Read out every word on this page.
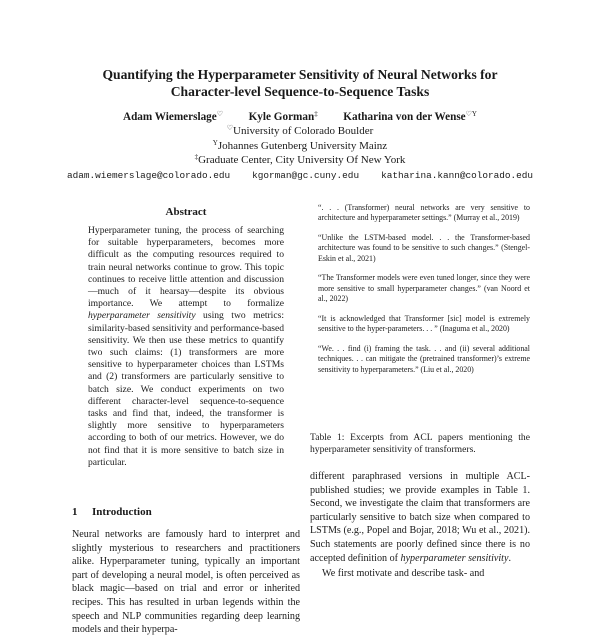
Quantifying the Hyperparameter Sensitivity of Neural Networks for
Character-level Sequence-to-Sequence Tasks
Adam Wiemerslage♡ Kyle Gorman‡ Katharina von der Wense$^{♡\Upsilon}$
♡University of Colorado Boulder
$^\Upsilon$Johannes Gutenberg University Mainz
‡Graduate Center, City University Of New York
adam.wiemerslage@colorado.edu kgorman@gc.cuny.edu katharina.kann@colorado.edu
Abstract
Hyperparameter tuning, the process of searching for suitable hyperparameters, becomes more difficult as the computing resources required to train neural networks continue to grow. This topic continues to receive little attention and discussion—much of it hearsay—despite its obvious importance. We attempt to formalize hyperparameter sensitivity using two metrics: similarity-based sensitivity and performance-based sensitivity. We then use these metrics to quantify two such claims: (1) transformers are more sensitive to hyperparameter choices than LSTMs and (2) transformers are particularly sensitive to batch size. We conduct experiments on two different character-level sequence-to-sequence tasks and find that, indeed, the transformer is slightly more sensitive to hyperparameters according to both of our metrics. However, we do not find that it is more sensitive to batch size in particular.
1 Introduction

Neural networks are famously hard to interpret and slightly mysterious to researchers and practitioners alike. Hyperparameter tuning, typically an important part of developing a neural model, is often perceived as black magic—based on trial and error or inherited recipes. This has resulted in urban legends within the speech and NLP communities regarding deep learning models and their hyperpa-

“. . . (Transformer) neural networks are very sensitive to architecture and hyperparameter settings.” (Murray et al., 2019)

“Unlike the LSTM-based model. . . the Transformer-based architecture was found to be sensitive to such changes.” (Stengel-Eskin et al., 2021)

“The Transformer models were even tuned longer, since they were more sensitive to small hyperparameter changes.” (van Noord et al., 2022)

“It is acknowledged that Transformer [sic] model is extremely sensitive to the hyper-parameters. . . ” (Inaguma et al., 2020)

“We. . . find (i) framing the task. . . and (ii) several additional techniques. . . can mitigate the (pretrained transformer)’s extreme sensitivity to hyperparameters.” (Liu et al., 2020)

Table 1: Excerpts from ACL papers mentioning the hyperparameter sensitivity of transformers.

different paraphrased versions in multiple ACL-published studies; we provide examples in Table 1. Second, we investigate the claim that transformers are particularly sensitive to batch size when compared to LSTMs (e.g., Popel and Bojar, 2018; Wu et al., 2021). Such statements are poorly defined since there is no accepted definition of hyperparameter sensitivity.

We first motivate and describe task- and
